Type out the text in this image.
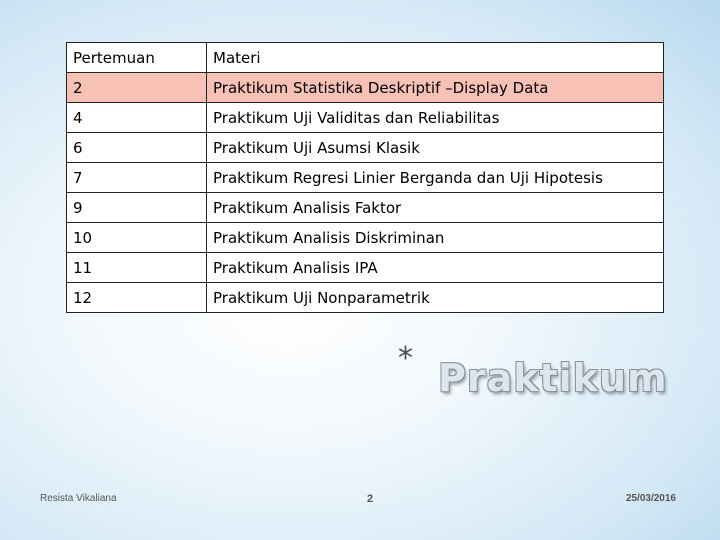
Pertemuan	Materi
2	Praktikum Statistika Deskriptif –Display Data
4	Praktikum Uji Validitas dan Reliabilitas
6	Praktikum Uji Asumsi Klasik
7	Praktikum Regresi Linier Berganda dan Uji Hipotesis
9	Praktikum Analisis Faktor
10	Praktikum Analisis Diskriminan
11	Praktikum Analisis IPA
12	Praktikum Uji Nonparametrik
* Praktikum
Resista Vikaliana	2	25/03/2016
